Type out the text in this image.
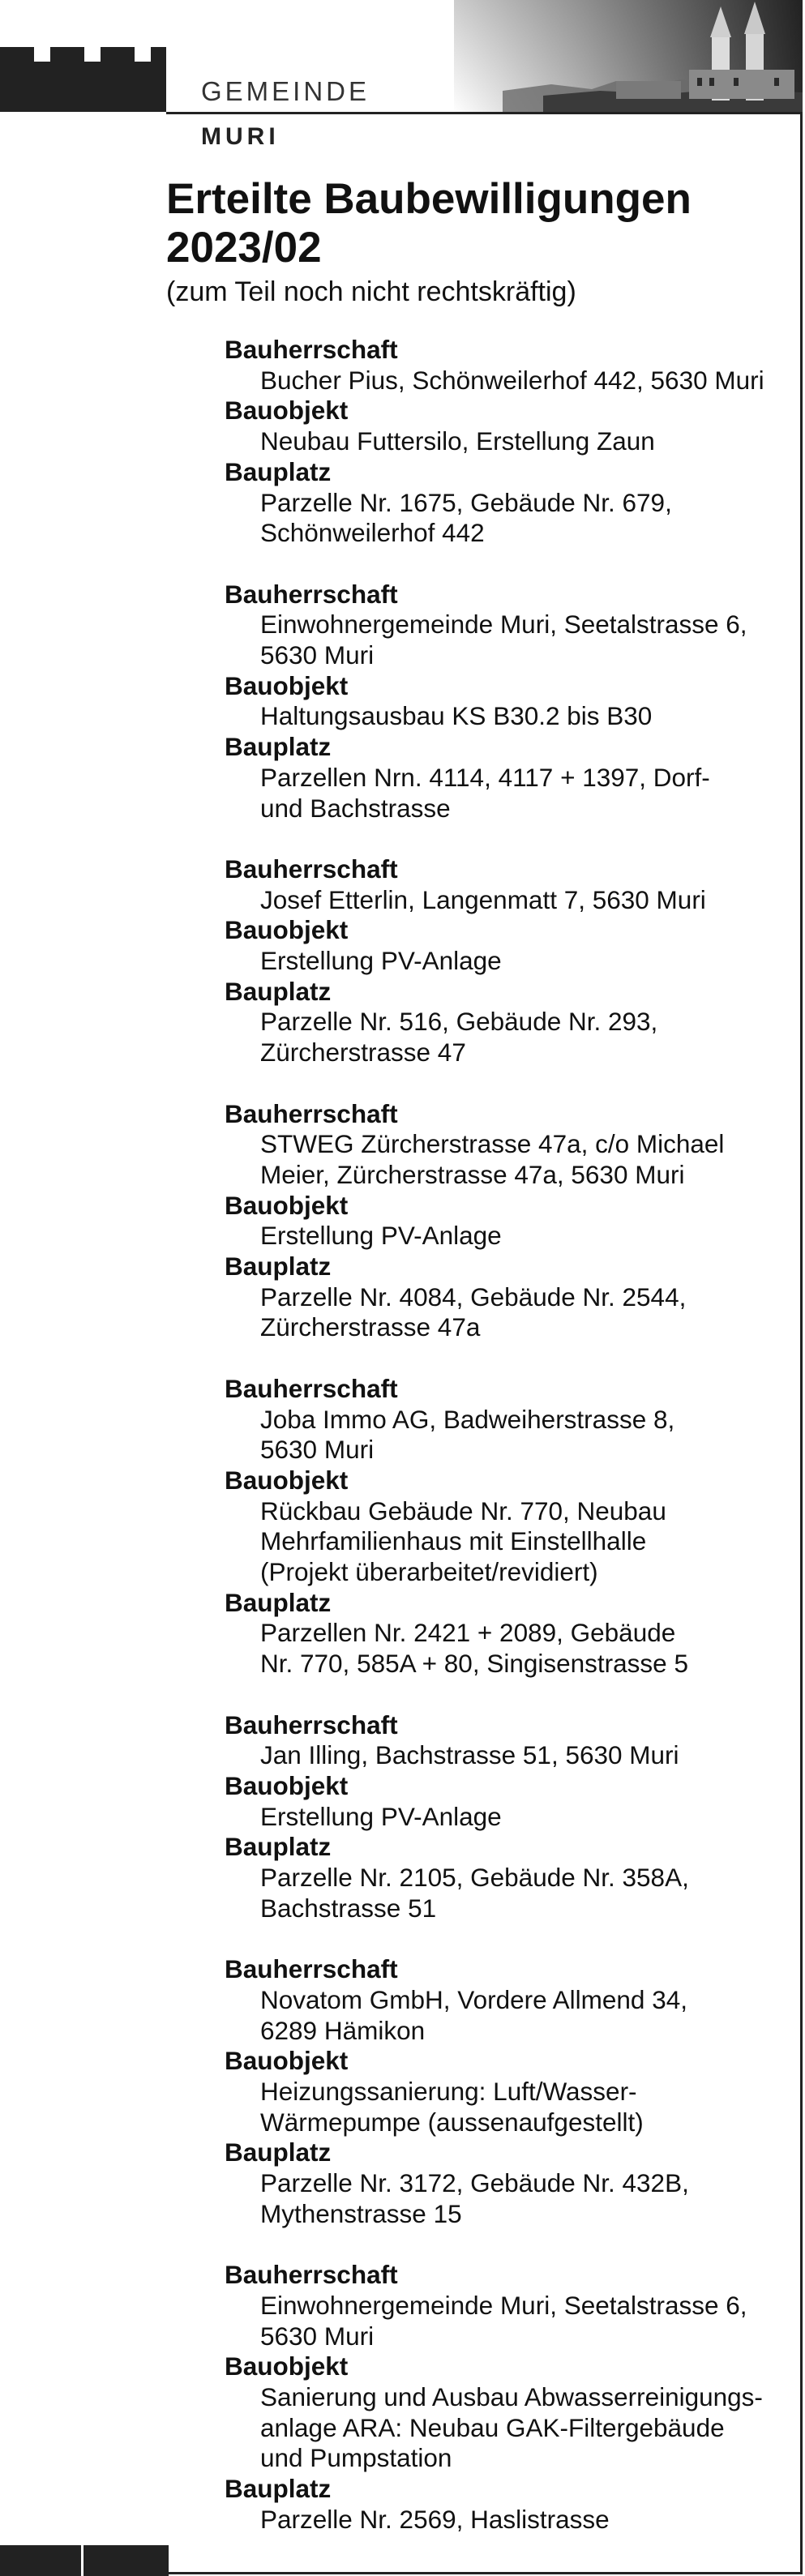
GEMEINDE
MURI
Erteilte Baubewilligungen
2023/02

(zum Teil noch nicht rechtskräftig)

Bauherrschaft
Bucher Pius, Schönweilerhof 442, 5630 Muri
Bauobjekt
Neubau Futtersilo, Erstellung Zaun
Bauplatz
Parzelle Nr. 1675, Gebäude Nr. 679,
Schönweilerhof 442
Bauherrschaft
Einwohnergemeinde Muri, Seetalstrasse 6,
5630 Muri
Bauobjekt
Haltungsausbau KS B30.2 bis B30
Bauplatz
Parzellen Nrn. 4114, 4117 + 1397, Dorf-
und Bachstrasse
Bauherrschaft
Josef Etterlin, Langenmatt 7, 5630 Muri
Bauobjekt
Erstellung PV-Anlage
Bauplatz
Parzelle Nr. 516, Gebäude Nr. 293,
Zürcherstrasse 47
Bauherrschaft
STWEG Zürcherstrasse 47a, c/o Michael
Meier, Zürcherstrasse 47a, 5630 Muri
Bauobjekt
Erstellung PV-Anlage
Bauplatz
Parzelle Nr. 4084, Gebäude Nr. 2544,
Zürcherstrasse 47a
Bauherrschaft
Joba Immo AG, Badweiherstrasse 8,
5630 Muri
Bauobjekt
Rückbau Gebäude Nr. 770, Neubau
Mehrfamilienhaus mit Einstellhalle
(Projekt überarbeitet/revidiert)
Bauplatz
Parzellen Nr. 2421 + 2089, Gebäude
Nr. 770, 585A + 80, Singisenstrasse 5
Bauherrschaft
Jan Illing, Bachstrasse 51, 5630 Muri
Bauobjekt
Erstellung PV-Anlage
Bauplatz
Parzelle Nr. 2105, Gebäude Nr. 358A,
Bachstrasse 51
Bauherrschaft
Novatom GmbH, Vordere Allmend 34,
6289 Hämikon
Bauobjekt
Heizungssanierung: Luft/Wasser-
Wärmepumpe (aussenaufgestellt)
Bauplatz
Parzelle Nr. 3172, Gebäude Nr. 432B,
Mythenstrasse 15
Bauherrschaft
Einwohnergemeinde Muri, Seetalstrasse 6,
5630 Muri
Bauobjekt
Sanierung und Ausbau Abwasserreinigungs-
anlage ARA: Neubau GAK-Filtergebäude
und Pumpstation
Bauplatz
Parzelle Nr. 2569, Haslistrasse
